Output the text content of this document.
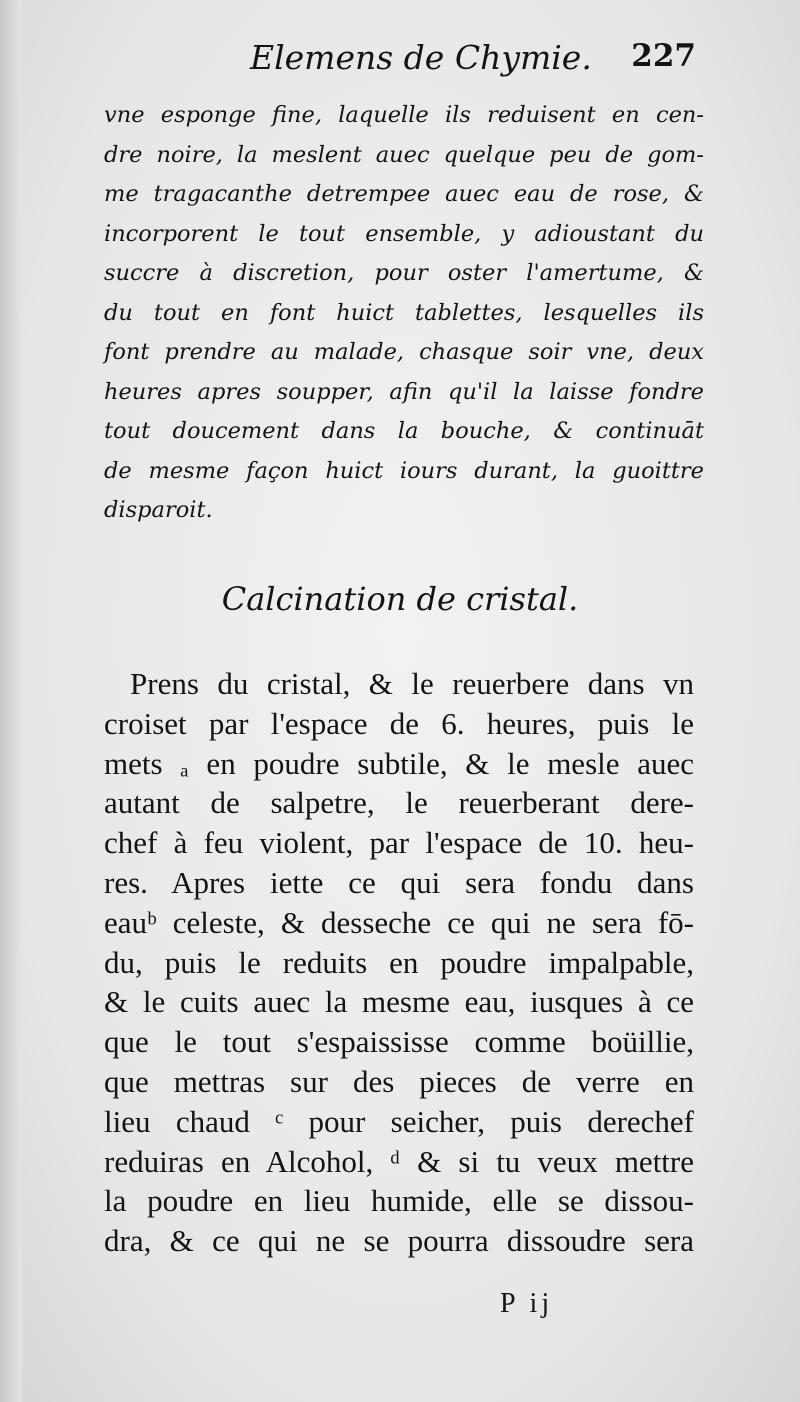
Elemens de Chymie. 227
vne esponge fine, laquelle ils reduisent en cen-
dre noire, la meslent auec quelque peu de gom-
me tragacanthe detrempee auec eau de rose, &
incorporent le tout ensemble, y adioustant du
succre à discretion, pour oster l'amertume, &
du tout en font huict tablettes, lesquelles ils
font prendre au malade, chasque soir vne, deux
heures apres soupper, afin qu'il la laisse fondre
tout doucement dans la bouche, & continuāt
de mesme façon huict iours durant, la guoittre
disparoit.
Calcination de cristal.
Prens du cristal, & le reuerbere dans vn
croiset par l'espace de 6. heures, puis le
mets ₐ en poudre subtile, & le mesle auec
autant de salpetre, le reuerberant dere-
chef à feu violent, par l'espace de 10. heu-
res. Apres iette ce qui sera fondu dans
eauᵇ celeste, & desseche ce qui ne sera fō-
du, puis le reduits en poudre impalpable,
& le cuits auec la mesme eau, iusques à ce
que le tout s'espaississe comme boüillie,
que mettras sur des pieces de verre en
lieu chaud ᶜ pour seicher, puis derechef
reduiras en Alcohol, ᵈ & si tu veux mettre
la poudre en lieu humide, elle se dissou-
dra, & ce qui ne se pourra dissoudre sera
P ij
